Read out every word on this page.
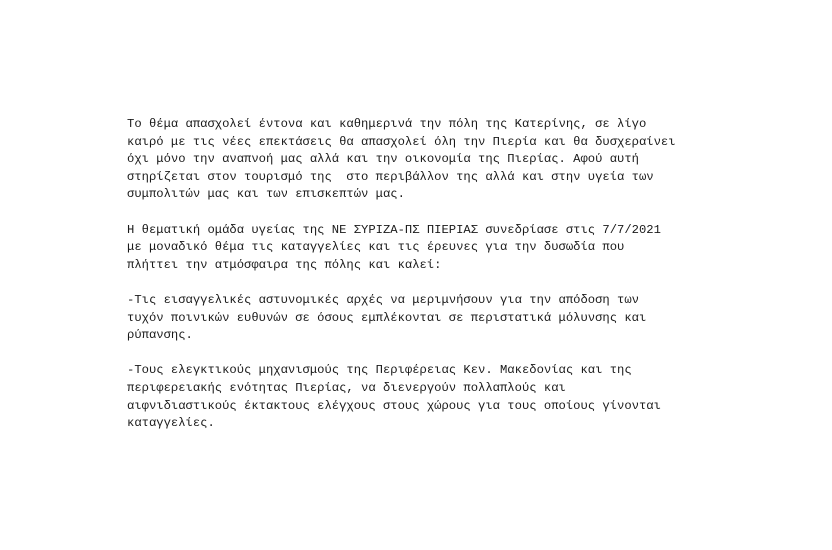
Το θέμα απασχολεί έντονα και καθημερινά την πόλη της Κατερίνης, σε λίγο
καιρό με τις νέες επεκτάσεις θα απασχολεί όλη την Πιερία και θα δυσχεραίνει
όχι μόνο την αναπνοή μας αλλά και την οικονομία της Πιερίας. Αφού αυτή
στηρίζεται στον τουρισμό της  στο περιβάλλον της αλλά και στην υγεία των
συμπολιτών μας και των επισκεπτών μας.

Η θεματική ομάδα υγείας της ΝΕ ΣΥΡΙΖΑ-ΠΣ ΠΙΕΡΙΑΣ συνεδρίασε στις 7/7/2021
με μοναδικό θέμα τις καταγγελίες και τις έρευνες για την δυσωδία που
πλήττει την ατμόσφαιρα της πόλης και καλεί:

-Τις εισαγγελικές αστυνομικές αρχές να μεριμνήσουν για την απόδοση των
τυχόν ποινικών ευθυνών σε όσους εμπλέκονται σε περιστατικά μόλυνσης και
ρύπανσης.

-Τους ελεγκτικούς μηχανισμούς της Περιφέρειας Κεν. Μακεδονίας και της
περιφερειακής ενότητας Πιερίας, να διενεργούν πολλαπλούς και
αιφνιδιαστικούς έκτακτους ελέγχους στους χώρους για τους οποίους γίνονται
καταγγελίες.
